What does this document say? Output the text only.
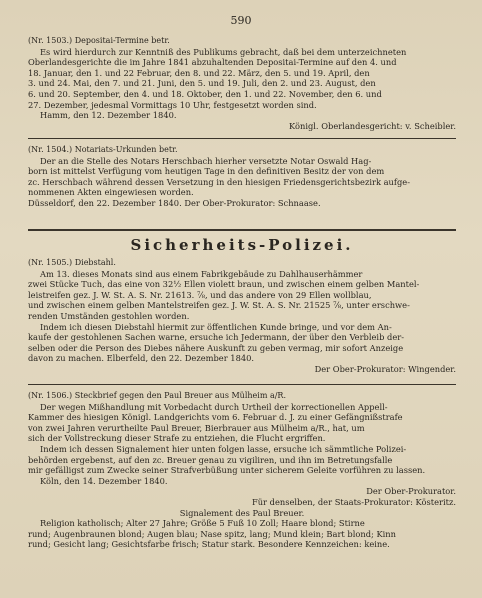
590

(Nr. 1503.) Depositai-Termine betr.

Es wird hierdurch zur Kenntniß des Publikums gebracht, daß bei dem unterzeichneten

Oberlandesgerichte die im Jahre 1841 abzuhaltenden Depositai-Termine auf den 4. und

18. Januar, den 1. und 22 Februar, den 8. und 22. März, den 5. und 19. April, den

3. und 24. Mai, den 7. und 21. Juni, den 5. und 19. Juli, den 2. und 23. August, den

6. und 20. September, den 4. und 18. Oktober, den 1. und 22. November, den 6. und

27. Dezember, jedesmal Vormittags 10 Uhr, festgesetzt worden sind.

Hamm, den 12. Dezember 1840.

Königl. Oberlandesgericht: v. Scheibler.

(Nr. 1504.) Notariats-Urkunden betr.

Der an die Stelle des Notars Herschbach hierher versetzte Notar Oswald Hag-

born ist mittelst Verfügung vom heutigen Tage in den definitiven Besitz der von dem

zc. Herschbach während dessen Versetzung in den hiesigen Friedensgerichtsbezirk aufge-

nommenen Akten eingewiesen worden.

Düsseldorf, den 22. Dezember 1840. Der Ober-Prokurator: Schnaase.

Sicherheits-Polizei.

(Nr. 1505.) Diebstahl.

Am 13. dieses Monats sind aus einem Fabrikgebäude zu Dahlhauserhämmer

zwei Stücke Tuch, das eine von 32½ Ellen violett braun, und zwischen einem gelben Mantel-

leistreifen gez. J. W. St. A. S. Nr. 21613. ⅞, und das andere von 29 Ellen wollblau,

und zwischen einem gelben Mantelstreifen gez. J. W. St. A. S. Nr. 21525 ⅞, unter erschwe-

renden Umständen gestohlen worden.

Indem ich diesen Diebstahl hiermit zur öffentlichen Kunde bringe, und vor dem An-

kaufe der gestohlenen Sachen warne, ersuche ich Jedermann, der über den Verbleib der-

selben oder die Person des Diebes nähere Auskunft zu geben vermag, mir sofort Anzeige

davon zu machen. Elberfeld, den 22. Dezember 1840.

Der Ober-Prokurator: Wingender.

(Nr. 1506.) Steckbrief gegen den Paul Breuer aus Mülheim a/R.

Der wegen Mißhandlung mit Vorbedacht durch Urtheil der korrectionellen Appell-

Kammer des hiesigen Königl. Landgerichts vom 6. Februar d. J. zu einer Gefängnißstrafe

von zwei Jahren verurtheilte Paul Breuer, Bierbrauer aus Mülheim a/R., hat, um

sich der Vollstreckung dieser Strafe zu entziehen, die Flucht ergriffen.

Indem ich dessen Signalement hier unten folgen lasse, ersuche ich sämmtliche Polizei-

behörden ergebenst, auf den zc. Breuer genau zu vigiliren, und ihn im Betretungsfalle

mir gefälligst zum Zwecke seiner Strafverbüßung unter sicherem Geleite vorführen zu lassen.

Köln, den 14. Dezember 1840.

Der Ober-Prokurator.

Für denselben, der Staats-Prokurator: Kösteritz.

Signalement des Paul Breuer.

Religion katholisch; Alter 27 Jahre; Größe 5 Fuß 10 Zoll; Haare blond; Stirne

rund; Augenbraunen blond; Augen blau; Nase spitz, lang; Mund klein; Bart blond; Kinn

rund; Gesicht lang; Gesichtsfarbe frisch; Statur stark. Besondere Kennzeichen: keine.
